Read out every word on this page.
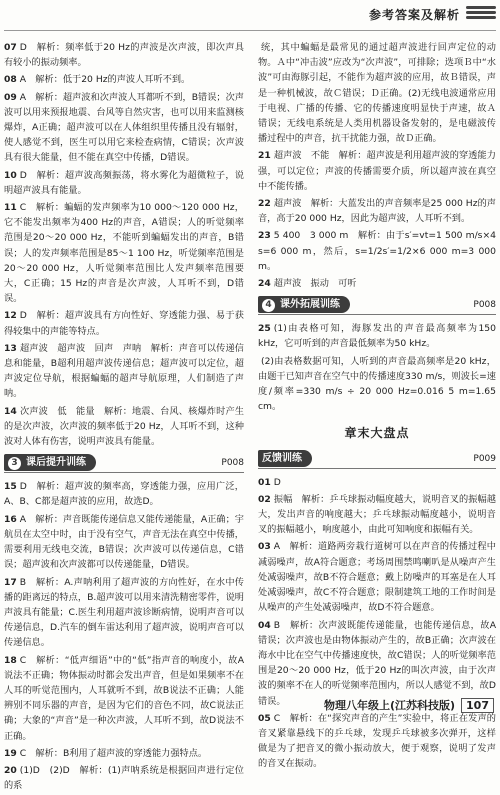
参考答案及解析
07 D　解析：频率低于20 Hz的声波是次声波，即次声具有较小的振动频率。
08 A　解析：低于20 Hz的声波人耳听不到。
09 A　解析：超声波和次声波人耳都听不到，B错误；次声波可以用来预报地震、台风等自然灾害，也可以用来监测核爆炸，A正确；超声波可以在人体组织里传播且没有辐射，使人感觉不到，医生可以用它来检查病情，C错误；次声波具有很大能量，但不能在真空中传播，D错误。
10 D　解析：超声波高频振荡，将水雾化为超微粒子，说明超声波具有能量。
11 C　解析：蝙蝠的发声频率为10 000～120 000 Hz，它不能发出频率为400 Hz的声音，A错误；人的听觉频率范围是20～20 000 Hz，不能听到蝙蝠发出的声音，B错误；人的发声频率范围是85～1 100 Hz，听觉频率范围是20～20 000 Hz，人听觉频率范围比人发声频率范围要大，C正确；15 Hz的声音是次声波，人耳听不到，D错误。
12 D　解析：超声波具有方向性好、穿透能力强、易于获得较集中的声能等特点。
13 超声波　超声波　回声　声呐　解析：声音可以传递信息和能量，B超利用超声波传递信息；超声波可以定位，超声波定位导航，根据蝙蝠的超声导航原理，人们制造了声呐。
14 次声波　低　能量　解析：地震、台风、核爆炸时产生的是次声波，次声波的频率低于20 Hz，人耳听不到，这种波对人体有伤害，说明声波具有能量。
3 课后提升训练	P008
15 D　解析：超声波的频率高，穿透能力强，应用广泛，A、B、C都是超声波的应用，故选D。
16 A　解析：声音既能传递信息又能传递能量，A正确；宇航员在太空中时，由于没有空气，声音无法在真空中传播，需要利用无线电交流，B错误；次声波可以传递信息，C错误；超声波和次声波都可以传递能量，D错误。
17 B　解析：A.声呐利用了超声波的方向性好，在水中传播的距离远的特点，B.超声波可以用来清洗精密零件，说明声波具有能量；C.医生利用超声波诊断病情，说明声音可以传递信息，D.汽车的倒车雷达利用了超声波，说明声音可以传递信息。
18 C　解析：“低声细语”中的“低”指声音的响度小，故A说法不正确；物体振动时都会发出声音，但是如果频率不在人耳的听觉范围内，人耳就听不到，故B说法不正确；人能辨别不同乐器的声音，是因为它们的音色不同，故C说法正确；大象的“声音”是一种次声波，人耳听不到，故D说法不正确。
19 C　解析：B利用了超声波的穿透能力强特点。
20 (1)D　(2)D　解析：(1)声呐系统是根据回声进行定位的系
统，其中蝙蝠是最常见的通过超声波进行回声定位的动物。Ａ中“冲击波”应改为“次声波”，可排除；选项Ｂ中“水波”可由海豚引起，不能作为超声波的应用，故Ｂ错误，声是一种机械波，故Ｃ错误；Ｄ正确。(2)无线电波通常应用于电视、广播的传播、它的传播速度明显快于声速，故Ａ错误；无线电系统是人类用机器设备发射的，是电磁波传播过程中的声音，抗干扰能力强，故Ｄ正确。
21 超声波　不能　解析：超声波是利用超声波的穿透能力强，可以定位；声波的传播需要介质，所以超声波在真空中不能传播。
22 超声波　解析：大蓝发出的声音频率是25 000 Hz的声音，高于20 000 Hz，因此为超声波，人耳听不到。
23 5 400　3 000 m　解析：由于s′=vt=1 500 m/s×4 s=6 000 m，然后，s=1/2s′=1/2×6 000 m=3 000 m。
24 超声波　振动　可听
4 课外拓展训练	P008
25 (1)由表格可知，海豚发出的声音最高频率为150 kHz，它可听到的声音最低频率为50 kHz。
(2)由表格数据可知，人听到的声音最高频率是20 kHz，由题干已知声音在空气中的传播速度330 m/s，则波长=速度/频率=330 m/s ÷ 20 000 Hz=0.016 5 m=1.65 cm。
章末大盘点
反馈训练	P009
01 D
02 振幅　解析：乒乓球振动幅度越大，说明音叉的振幅越大，发出声音的响度越大；乒乓球振动幅度越小，说明音叉的振幅越小，响度越小，由此可知响度和振幅有关。
03 A　解析：道路两旁栽行道树可以在声音的传播过程中减弱噪声，故A符合题意；考场周围禁鸣喇叭是从噪声产生处减弱噪声，故B不符合题意；戴上防噪声的耳塞是在人耳处减弱噪声，故C不符合题意；限制建筑工地的工作时间是从噪声的产生处减弱噪声，故D不符合题意。
04 B　解析：次声波既能传递能量，也能传递信息，故A错误；次声波也是由物体振动产生的，故B正确；次声波在海水中比在空气中传播速度快，故C错误；人的听觉频率范围是20～20 000 Hz，低于20 Hz的叫次声波，由于次声波的频率不在人的听觉频率范围内，所以人感觉不到，故D错误。
05 C　解析：在“探究声音的产生”实验中，将正在发声的音叉紧靠悬线下的乒乓球，发现乒乓球被多次弹开，这样做是为了把音叉的微小振动放大，便于观察，说明了发声的音叉在振动。
物理八年级上(江苏科技版) 107
